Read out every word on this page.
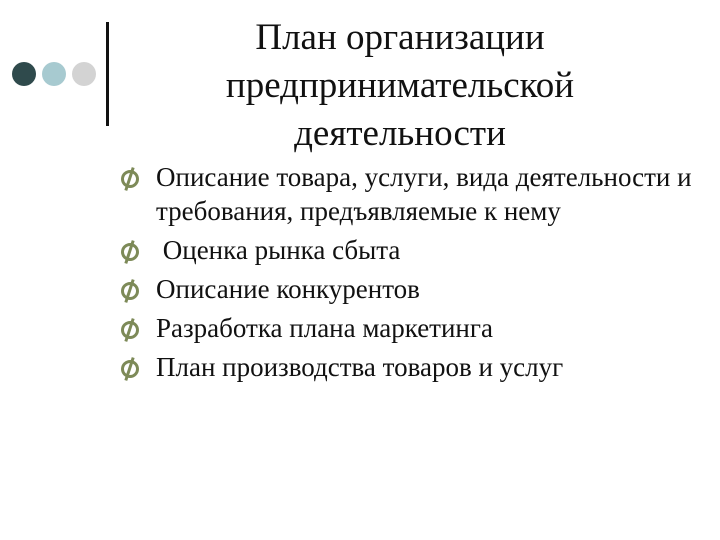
План организации
предпринимательской
деятельности
Описание товара, услуги, вида деятельности и требования, предъявляемые к нему
Оценка рынка сбыта
Описание конкурентов
Разработка плана маркетинга
План производства товаров и услуг
